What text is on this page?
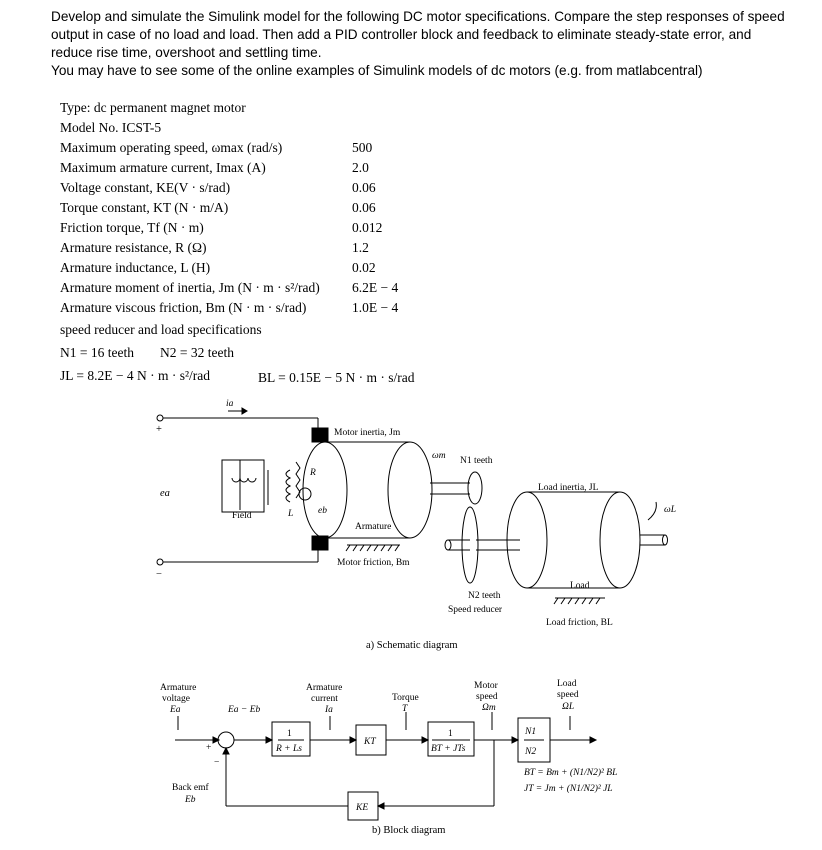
Develop and simulate the Simulink model for the following DC motor specifications. Compare the step responses of speed output in case of no load and load. Then add a PID controller block and feedback to eliminate steady-state error, and reduce rise time, overshoot and settling time.

You may have to see some of the online examples of Simulink models of dc motors (e.g. from matlabcentral)

Type: dc permanent magnet motor
Model No. ICST-5
Maximum operating speed, ωmax (rad/s)	500
Maximum armature current, Imax (A)	2.0
Voltage constant, KE(V · s/rad)	0.06
Torque constant, KT (N · m/A)	0.06
Friction torque, Tf (N · m)	0.012
Armature resistance, R (Ω)	1.2
Armature inductance, L (H)	0.02
Armature moment of inertia, Jm (N · m · s²/rad) 6.2E − 4
Armature viscous friction, Bm (N · m · s/rad)	1.0E − 4
speed reducer and load specifications
N1 = 16 teeth N2 = 32 teeth
JL = 8.2E − 4 N · m · s²/rad	BL = 0.15E − 5 N · m · s/rad
+
−
ia
ea
Field
R
L	eb
Motor inertia, Jm
Armature
Motor friction, Bm
ωm N1 teeth
N2 teeth
Speed reducer
Load inertia, JL
ωL
Load
Load friction, BL
a) Schematic diagram
Armature
voltage
Ea	Ea − Eb
+
−
Armature
current
Ia
Torque
T
Motor
speed
Ωm
Load
speed
ΩL
1
R + Ls
KT
1
BT + JTs
N1
N2
KE
Back emf
Eb
BT = Bm + (N1/N2)² BL
JT = Jm + (N1/N2)² JL
b) Block diagram
